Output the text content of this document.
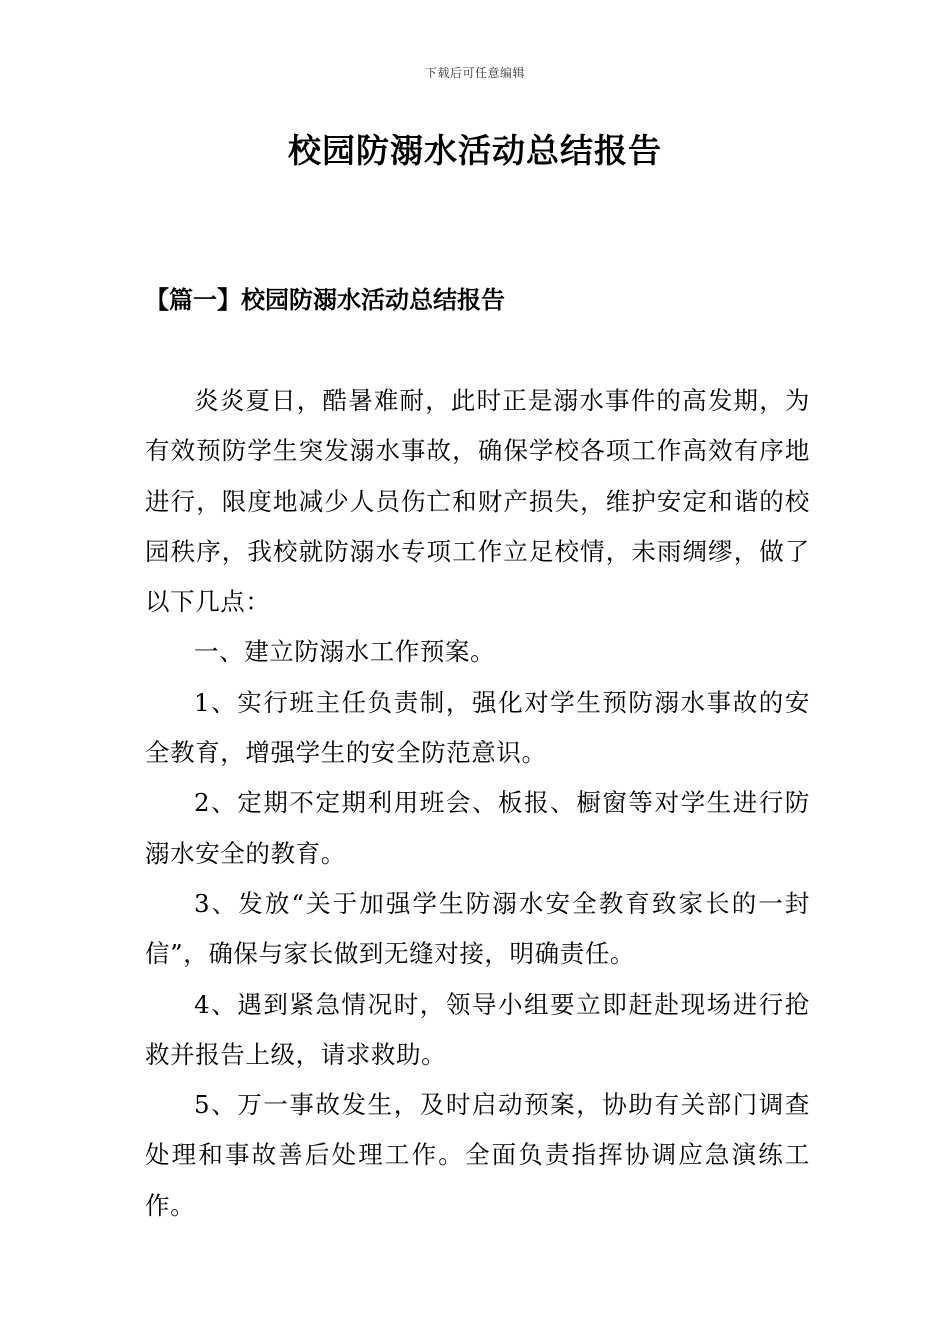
下载后可任意编辑
校园防溺水活动总结报告
【篇一】校园防溺水活动总结报告

炎炎夏日，酷暑难耐，此时正是溺水事件的高发期，为有效预防学生突发溺水事故，确保学校各项工作高效有序地进行，限度地减少人员伤亡和财产损失，维护安定和谐的校园秩序，我校就防溺水专项工作立足校情，未雨绸缪，做了以下几点：

一、建立防溺水工作预案。

1、实行班主任负责制，强化对学生预防溺水事故的安全教育，增强学生的安全防范意识。

2、定期不定期利用班会、板报、橱窗等对学生进行防溺水安全的教育。

3、发放“关于加强学生防溺水安全教育致家长的一封信”，确保与家长做到无缝对接，明确责任。

4、遇到紧急情况时，领导小组要立即赶赴现场进行抢救并报告上级，请求救助。

5、万一事故发生，及时启动预案，协助有关部门调查处理和事故善后处理工作。全面负责指挥协调应急演练工作。
